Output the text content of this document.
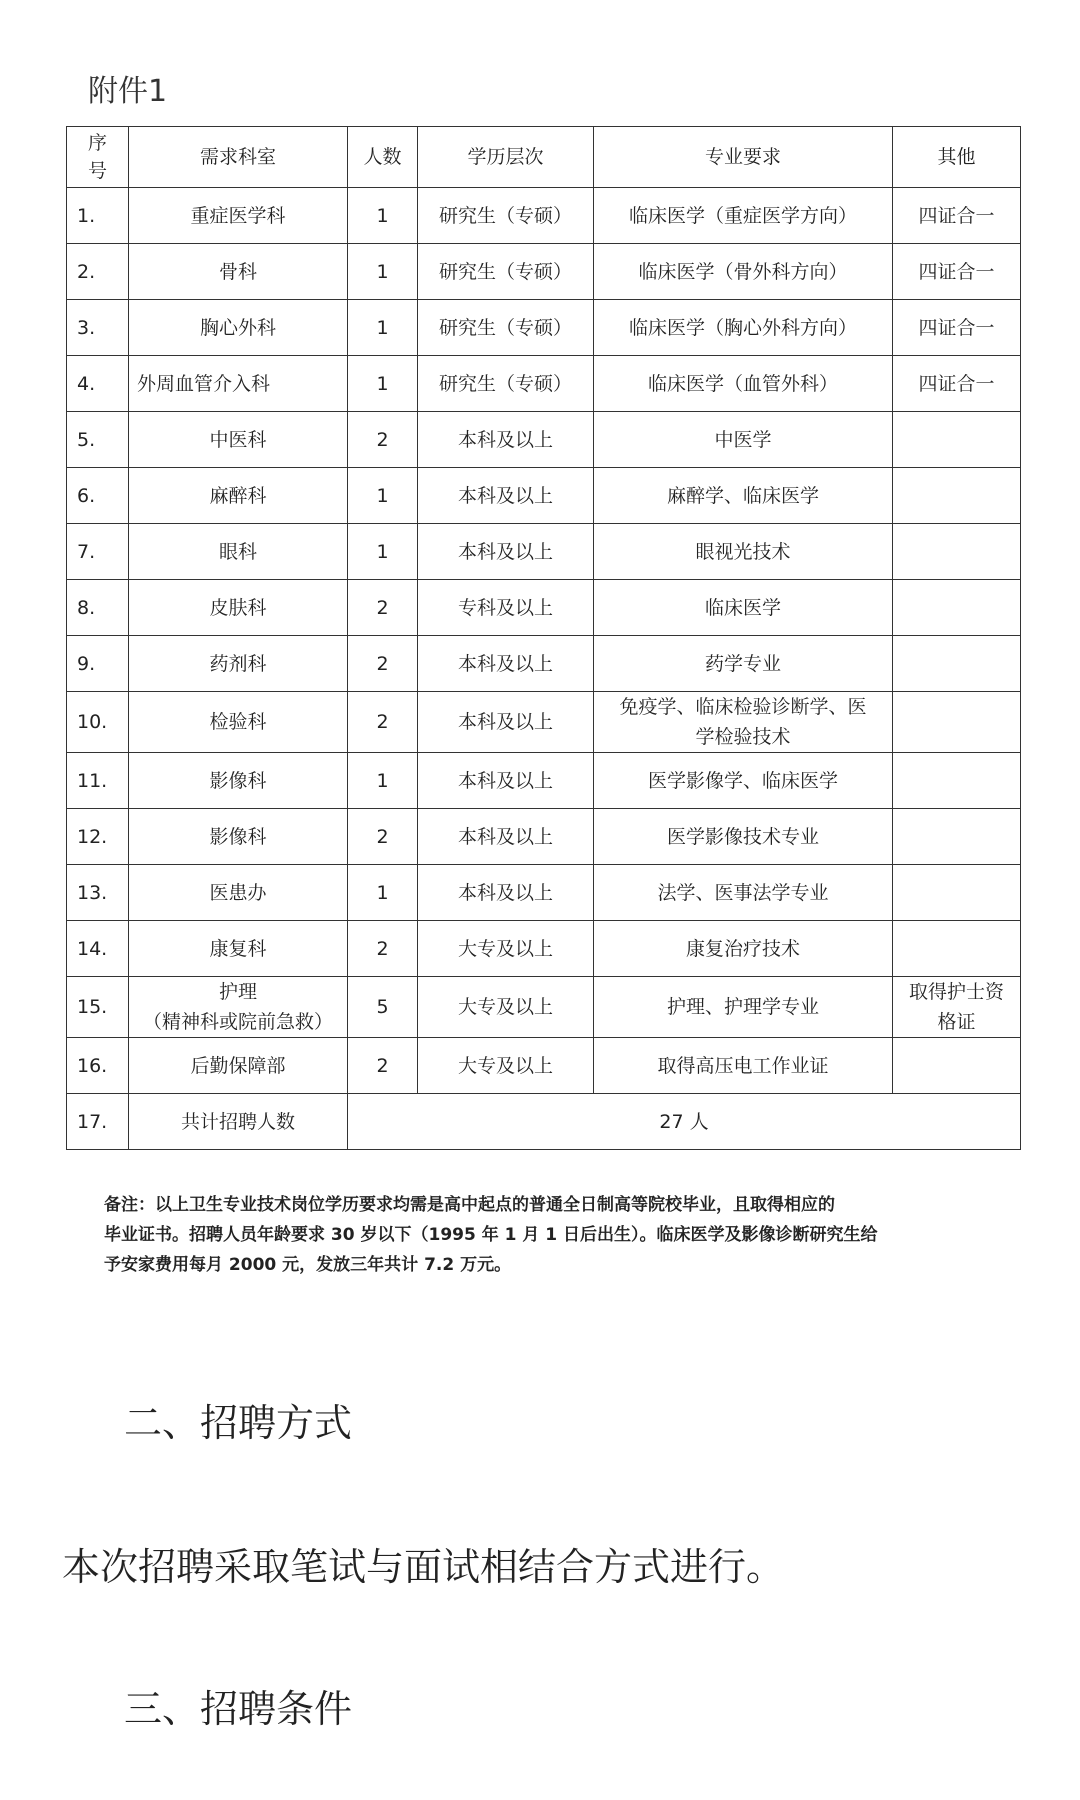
附件1
序
号	需求科室	人数	学历层次	专业要求	其他
1.	重症医学科	1	研究生（专硕）	临床医学（重症医学方向）	四证合一
2.	骨科	1	研究生（专硕）	临床医学（骨外科方向）	四证合一
3.	胸心外科	1	研究生（专硕）	临床医学（胸心外科方向）	四证合一
4.	外周血管介入科	1	研究生（专硕）	临床医学（血管外科）	四证合一
5.	中医科	2	本科及以上	中医学	
6.	麻醉科	1	本科及以上	麻醉学、临床医学	
7.	眼科	1	本科及以上	眼视光技术	
8.	皮肤科	2	专科及以上	临床医学	
9.	药剂科	2	本科及以上	药学专业	
10.	检验科	2	本科及以上	免疫学、临床检验诊断学、医
学检验技术	
11.	影像科	1	本科及以上	医学影像学、临床医学	
12.	影像科	2	本科及以上	医学影像技术专业	
13.	医患办	1	本科及以上	法学、医事法学专业	
14.	康复科	2	大专及以上	康复治疗技术	
15.	护理
（精神科或院前急救）	5	大专及以上	护理、护理学专业	取得护士资
格证
16.	后勤保障部	2	大专及以上	取得高压电工作业证	
17.	共计招聘人数	27 人			
备注：以上卫生专业技术岗位学历要求均需是高中起点的普通全日制高等院校毕业，且取得相应的
毕业证书。招聘人员年龄要求 30 岁以下（1995 年 1 月 1 日后出生）。临床医学及影像诊断研究生给
予安家费用每月 2000 元，发放三年共计 7.2 万元。
二、招聘方式
本次招聘采取笔试与面试相结合方式进行。
三、招聘条件
